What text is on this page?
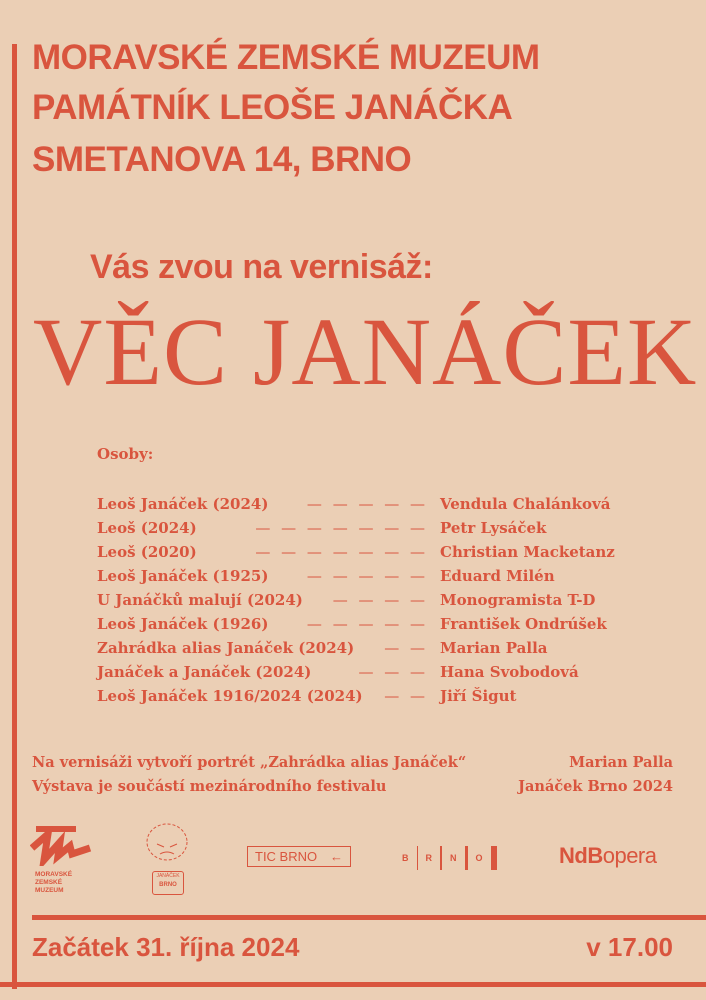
MORAVSKÉ ZEMSKÉ MUZEUM
PAMÁTNÍK LEOŠE JANÁČKA
SMETANOVA 14, BRNO
Vás zvou na vernisáž:
VĚC JANÁČEK
Osoby:
Leoš Janáček (2024)	— — — — — Vendula Chalánková
Leoš (2024)	— — — — — — — Petr Lysáček
Leoš (2020)	— — — — — — — Christian Macketanz
Leoš Janáček (1925)	— — — — — Eduard Milén
U Janáčků malují (2024) — — — — Monogramista T-D
Leoš Janáček (1926)	— — — — — František Ondrúšek
Zahrádka alias Janáček (2024) — — Marian Palla
Janáček a Janáček (2024)	— — — Hana Svobodová
Leoš Janáček 1916/2024 (2024) — — Jiří Šigut
Na vernisáži vytvoří portrét „Zahrádka alias Janáček“	Marian Palla
Výstava je součástí mezinárodního festivalu	Janáček Brno 2024
MORAVSKÉ
ZEMSKÉ
MUZEUM
JANÁČEK
BRNO
TIC BRNO ←	B R N O	NdBopera
Začátek 31. října 2024	v 17.00
